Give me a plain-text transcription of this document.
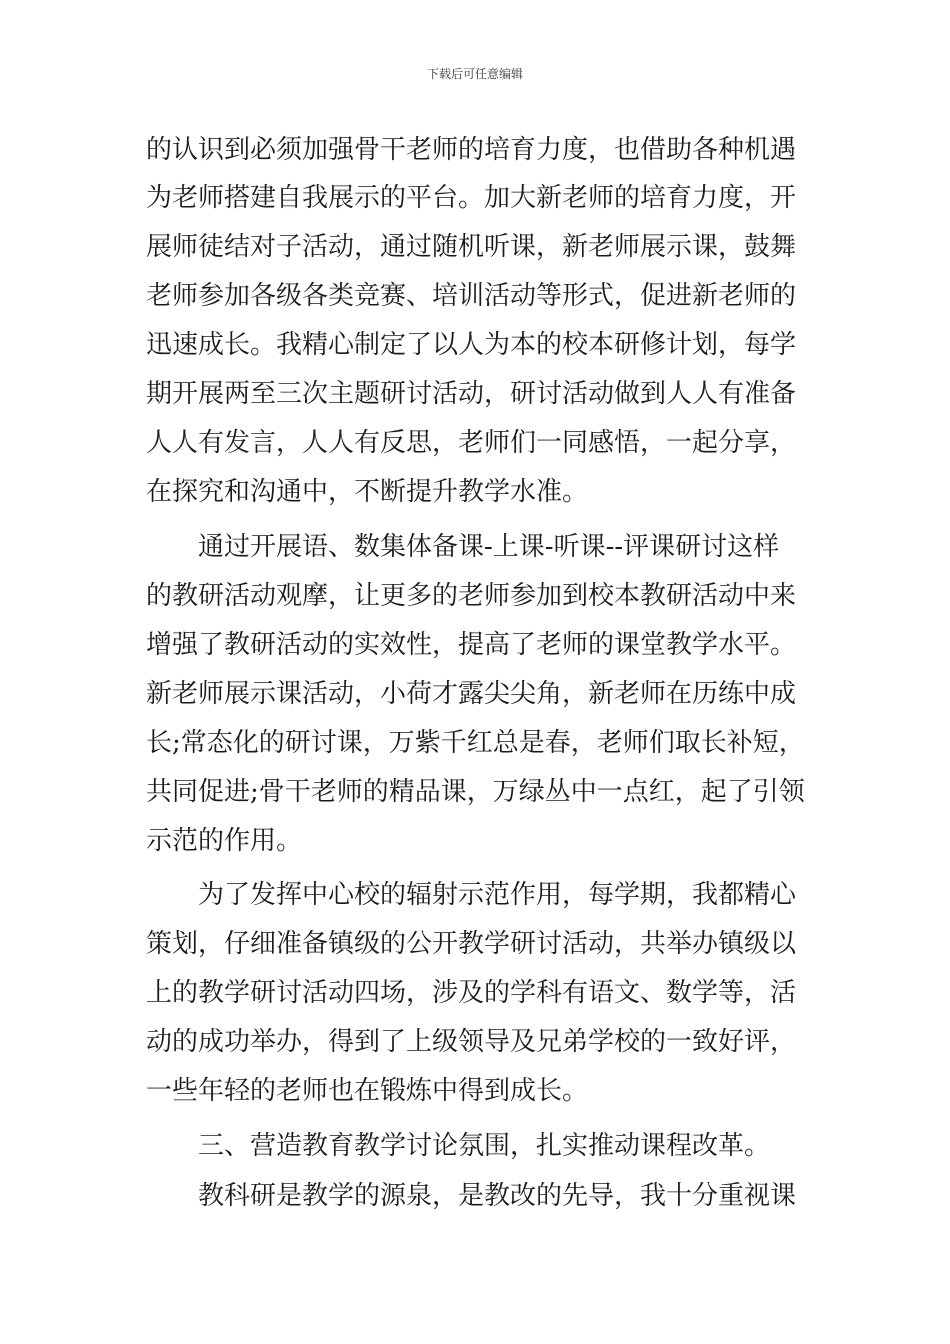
下载后可任意编辑
的认识到必须加强骨干老师的培育力度，也借助各种机遇
为老师搭建自我展示的平台。加大新老师的培育力度，开
展师徒结对子活动，通过随机听课，新老师展示课，鼓舞
老师参加各级各类竞赛、培训活动等形式，促进新老师的
迅速成长。我精心制定了以人为本的校本研修计划，每学
期开展两至三次主题研讨活动，研讨活动做到人人有准备
人人有发言，人人有反思，老师们一同感悟，一起分享，
在探究和沟通中，不断提升教学水准。
通过开展语、数集体备课-上课-听课--评课研讨这样
的教研活动观摩，让更多的老师参加到校本教研活动中来
增强了教研活动的实效性，提高了老师的课堂教学水平。
新老师展示课活动，小荷才露尖尖角，新老师在历练中成
长;常态化的研讨课，万紫千红总是春，老师们取长补短，
共同促进;骨干老师的精品课，万绿丛中一点红，起了引领
示范的作用。
为了发挥中心校的辐射示范作用，每学期，我都精心
策划，仔细准备镇级的公开教学研讨活动，共举办镇级以
上的教学研讨活动四场，涉及的学科有语文、数学等，活
动的成功举办，得到了上级领导及兄弟学校的一致好评，
一些年轻的老师也在锻炼中得到成长。
三、营造教育教学讨论氛围，扎实推动课程改革。
教科研是教学的源泉，是教改的先导，我十分重视课
